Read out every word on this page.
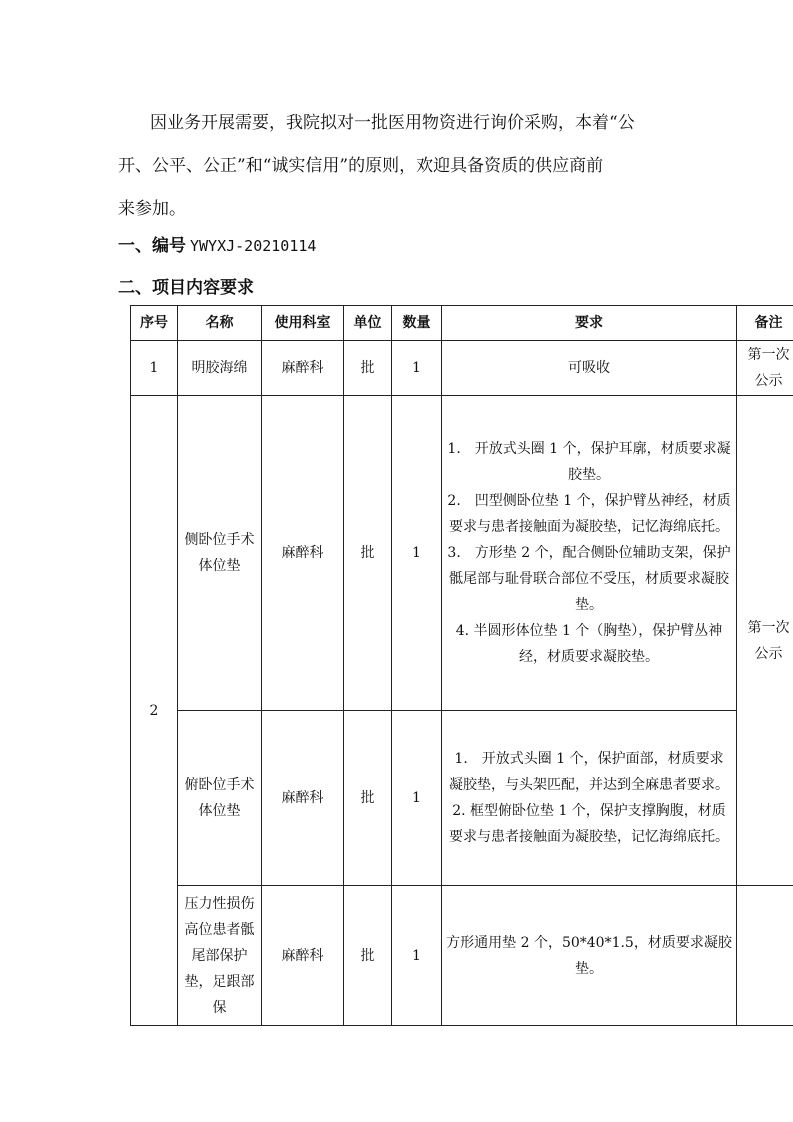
因业务开展需要，我院拟对一批医用物资进行询价采购，本着“公
开、公平、公正”和“诚实信用”的原则，欢迎具备资质的供应商前
来参加。
一、编号 YWYXJ-20210114
二、项目内容要求
序号	名称	使用科室	单位	数量	要求	备注
1	明胶海绵	麻醉科	批	1	可吸收	第一次公示
2	侧卧位手术体位垫	麻醉科	批	1	1.　开放式头圈 1 个，保护耳廓，材质要求凝胶垫。

2.　凹型侧卧位垫 1 个，保护臂丛神经，材质要求与患者接触面为凝胶垫，记忆海绵底托。

3.　方形垫 2 个，配合侧卧位辅助支架，保护骶尾部与耻骨联合部位不受压，材质要求凝胶垫。

4. 半圆形体位垫 1 个（胸垫），保护臂丛神经，材质要求凝胶垫。	第一次公示
	俯卧位手术体位垫	麻醉科	批	1	1.　开放式头圈 1 个，保护面部，材质要求 凝胶垫，与头架匹配，并达到全麻患者要求。

2. 框型俯卧位垫 1 个，保护支撑胸腹，材质要求与患者接触面为凝胶垫，记忆海绵底托。	

	压力性损伤高位患者骶尾部保护垫，足跟部保	麻醉科	批	1	方形通用垫 2 个，50*40*1.5，材质要求凝胶垫。	
